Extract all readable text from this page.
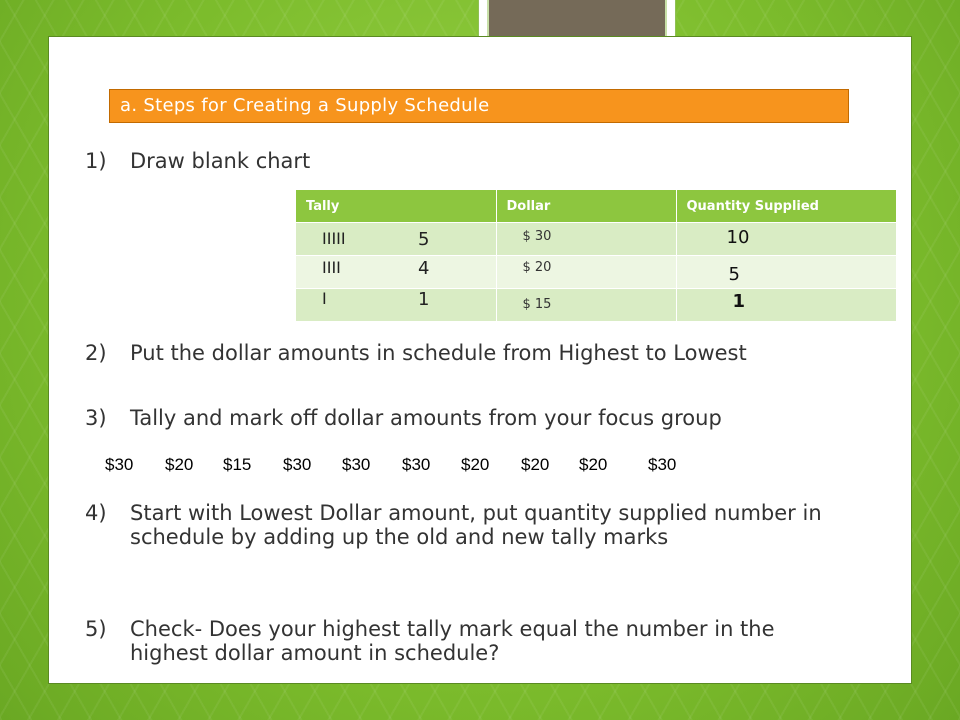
a. Steps for Creating a Supply Schedule
1) Draw blank chart
Tally	Dollar	Quantity Supplied

IIIII 5	$ 30	10

IIII 4	$ 20	5

I 1	$ 15	1
2) Put the dollar amounts in schedule from Highest to Lowest
3) Tally and mark off dollar amounts from your focus group
$30 $20 $15 $30 $30 $30 $20 $20 $20 $30
4) Start with Lowest Dollar amount, put quantity supplied number in schedule by adding up the old and new tally marks
5) Check- Does your highest tally mark equal the number in the highest dollar amount in schedule?
